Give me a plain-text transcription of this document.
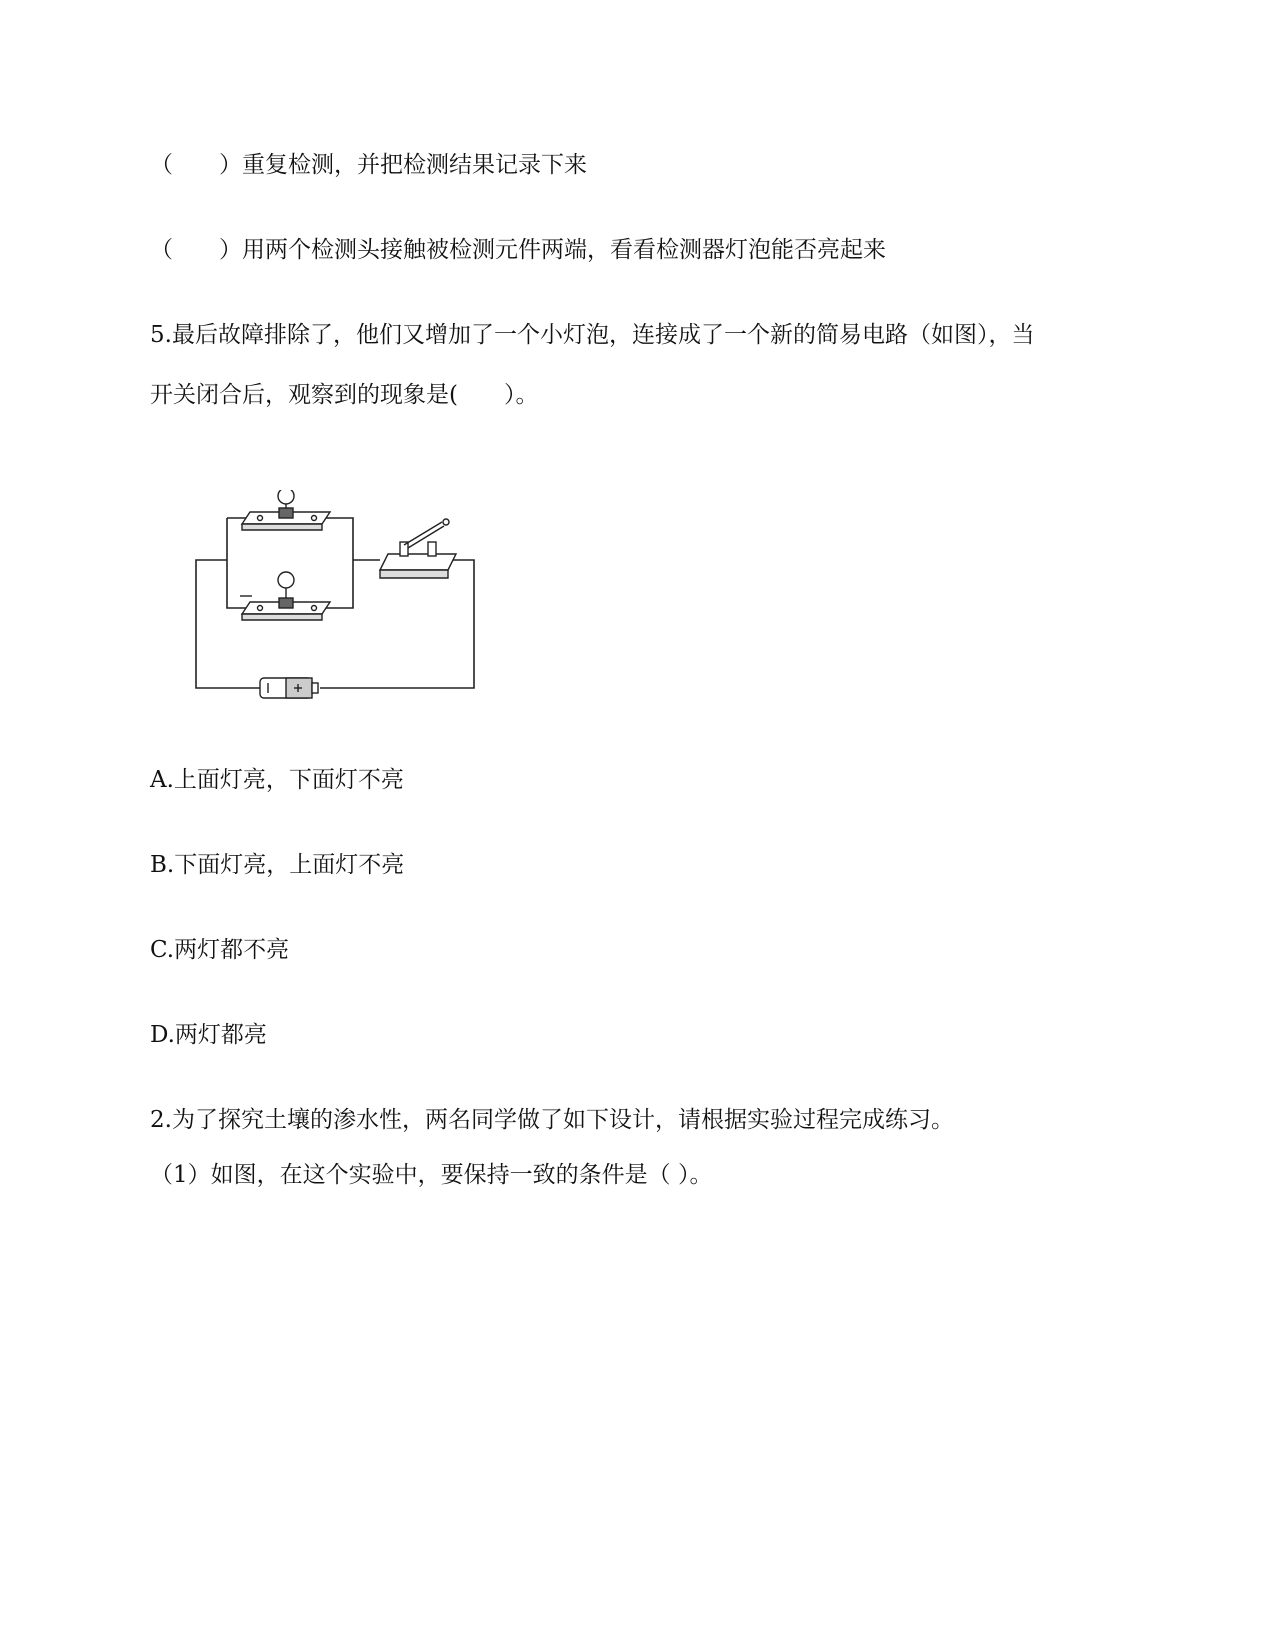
（　　）重复检测，并把检测结果记录下来
（　　）用两个检测头接触被检测元件两端，看看检测器灯泡能否亮起来
5.最后故障排除了，他们又增加了一个小灯泡，连接成了一个新的简易电路（如图），当
开关闭合后，观察到的现象是(　　）。
A.上面灯亮，下面灯不亮
B.下面灯亮，上面灯不亮
C.两灯都不亮
D.两灯都亮
2.为了探究土壤的渗水性，两名同学做了如下设计，请根据实验过程完成练习。
（1）如图，在这个实验中，要保持一致的条件是（ ）。
